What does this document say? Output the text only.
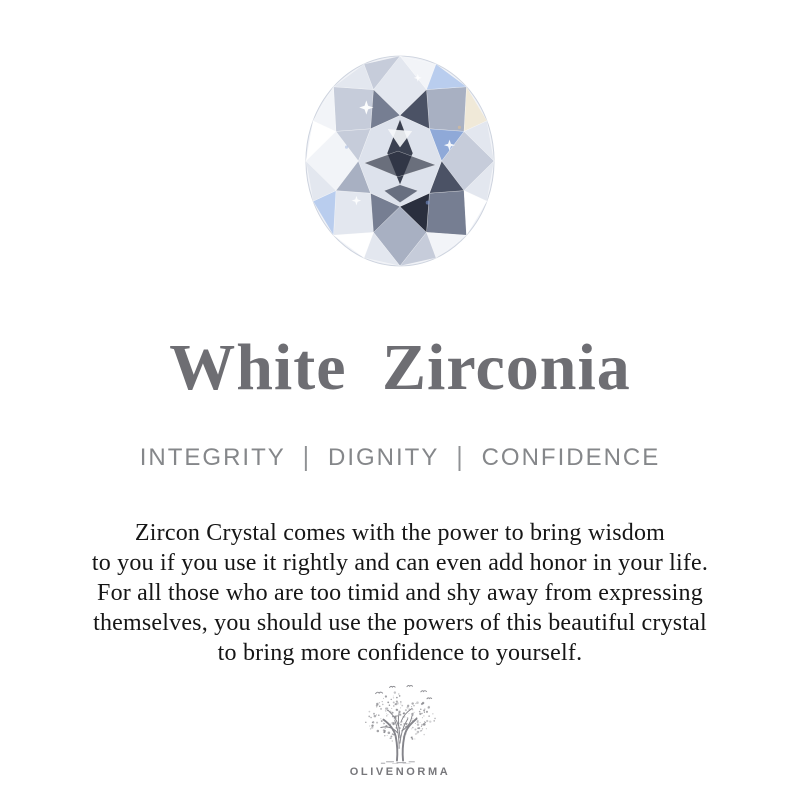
White Zirconia
INTEGRITY | DIGNITY | CONFIDENCE
Zircon Crystal comes with the power to bring wisdom
to you if you use it rightly and can even add honor in your life.
For all those who are too timid and shy away from expressing
themselves, you should use the powers of this beautiful crystal
to bring more confidence to yourself.
OLIVENORMA
